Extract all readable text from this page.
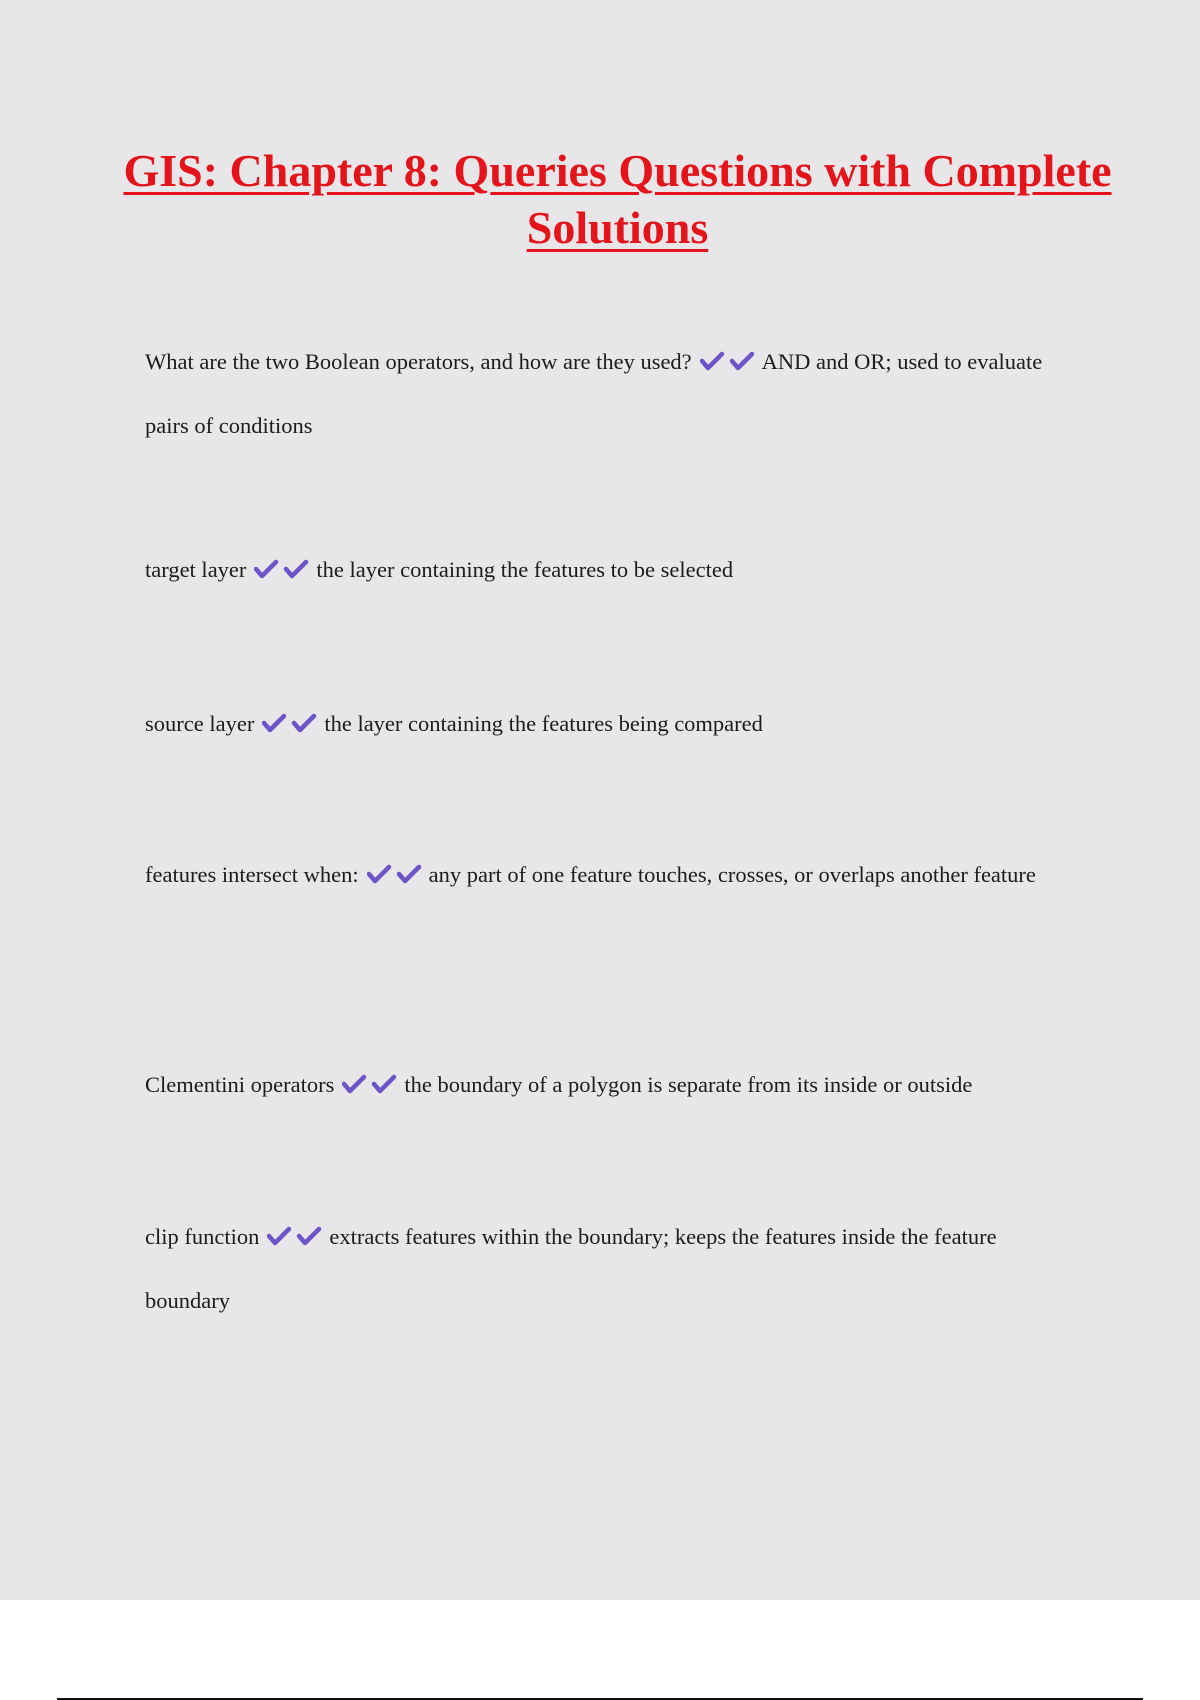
GIS: Chapter 8: Queries Questions with Complete Solutions

What are the two Boolean operators, and how are they used?	AND and OR; used to evaluate pairs of conditions

target layer	the layer containing the features to be selected

source layer	the layer containing the features being compared

features intersect when:	any part of one feature touches, crosses, or overlaps another feature

Clementini operators	the boundary of a polygon is separate from its inside or outside

clip function	extracts features within the boundary; keeps the features inside the feature boundary
